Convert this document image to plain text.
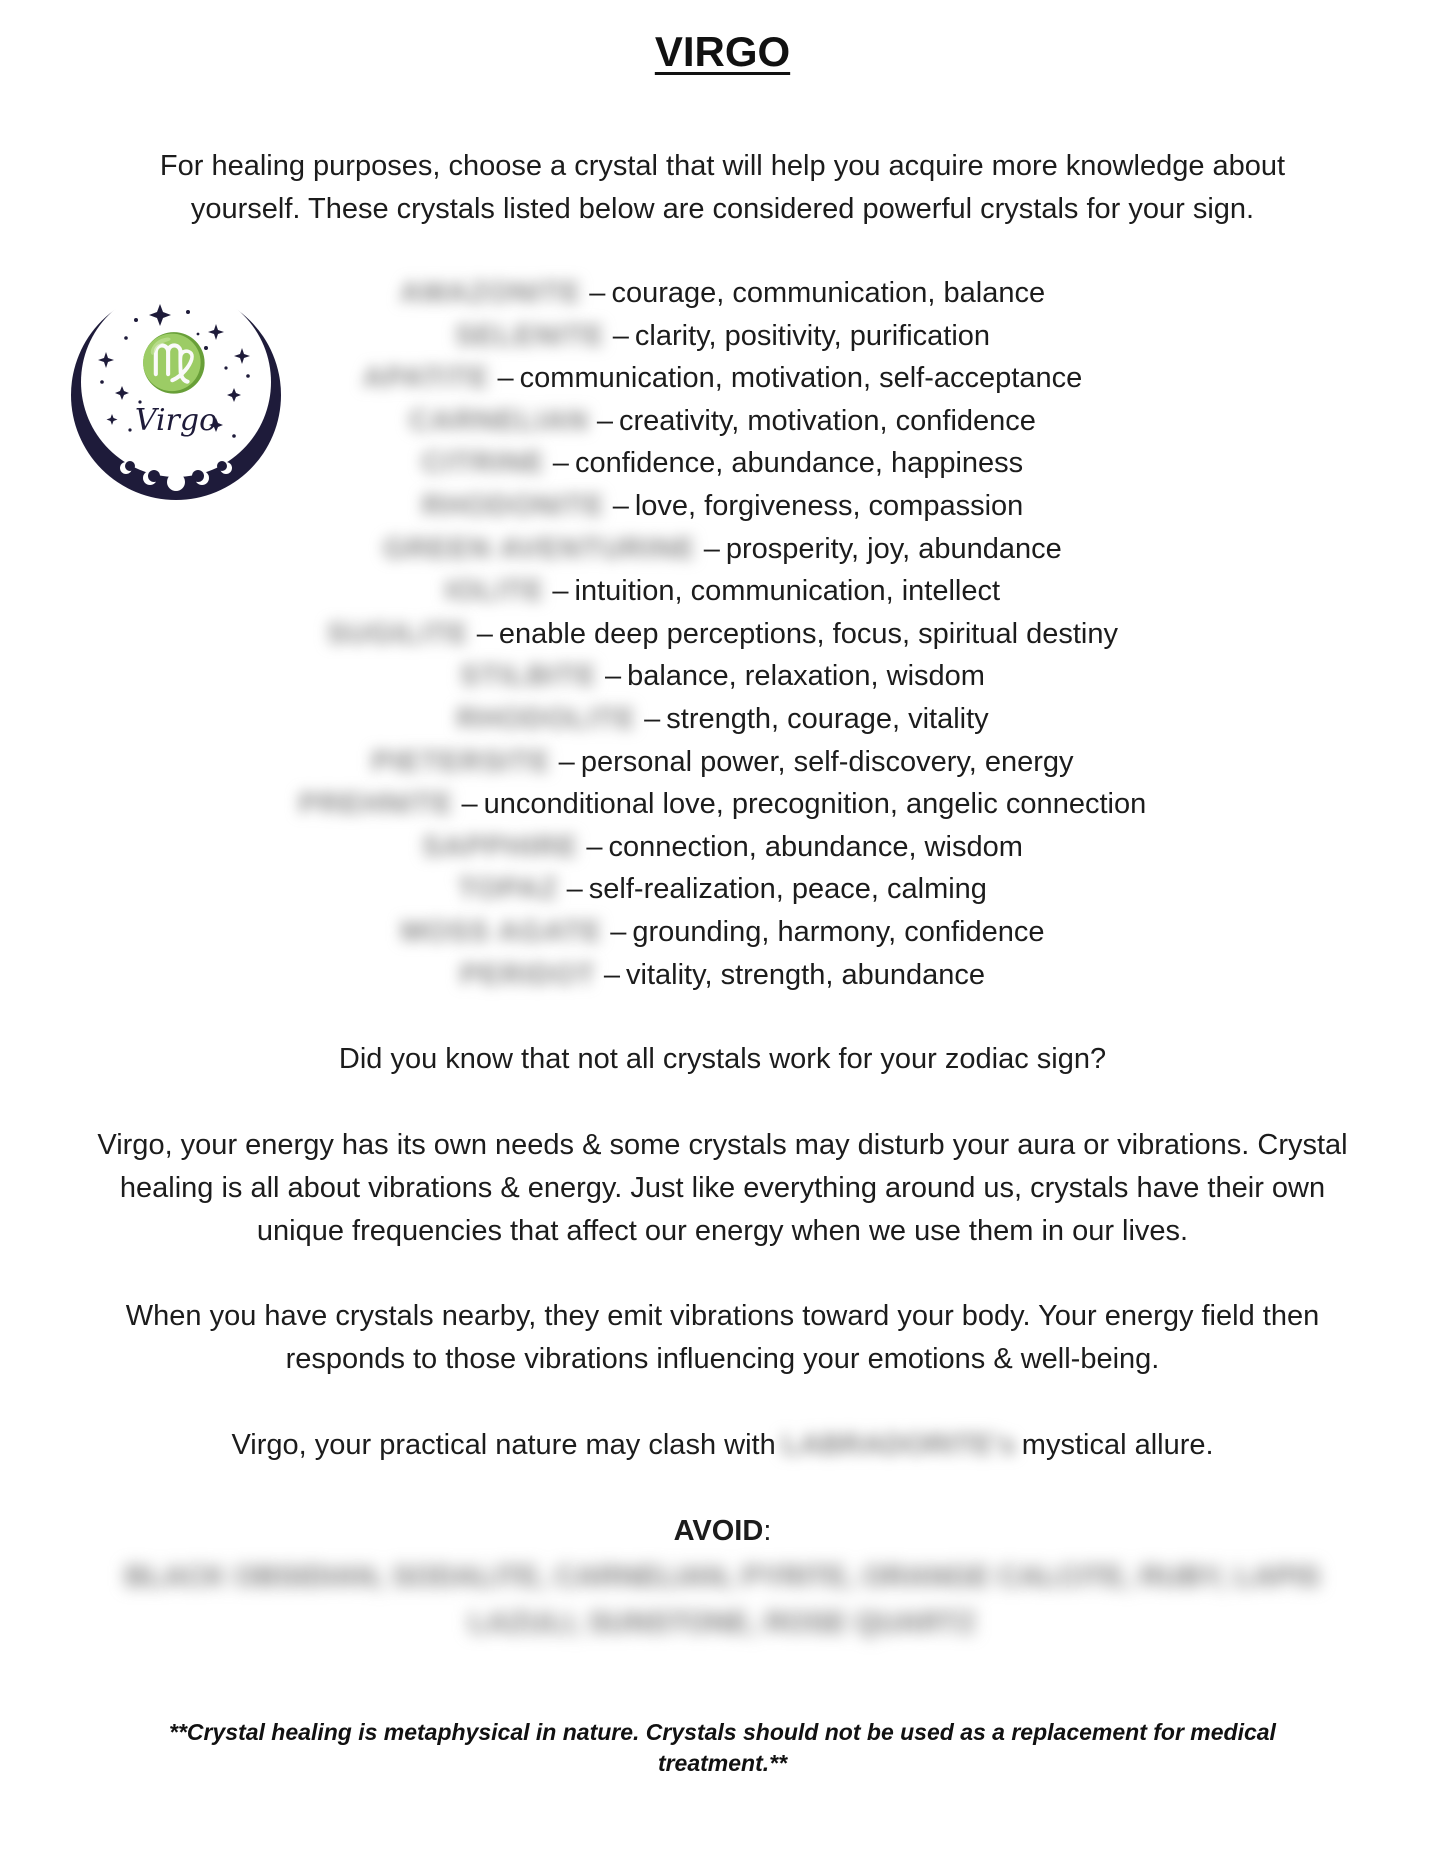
VIRGO
For healing purposes, choose a crystal that will help you acquire more knowledge about yourself. These crystals listed below are considered powerful crystals for your sign.
♍
Virgo
AMAZONITE – courage, communication, balance
SELENITE – clarity, positivity, purification
APATITE – communication, motivation, self-acceptance
CARNELIAN – creativity, motivation, confidence
CITRINE – confidence, abundance, happiness
RHODONITE – love, forgiveness, compassion
GREEN AVENTURINE – prosperity, joy, abundance
IOLITE – intuition, communication, intellect
SUGILITE – enable deep perceptions, focus, spiritual destiny
STILBITE – balance, relaxation, wisdom
RHODOLITE – strength, courage, vitality
PIETERSITE – personal power, self-discovery, energy
PREHNITE – unconditional love, precognition, angelic connection
SAPPHIRE – connection, abundance, wisdom
TOPAZ – self-realization, peace, calming
MOSS AGATE – grounding, harmony, confidence
PERIDOT – vitality, strength, abundance
Did you know that not all crystals work for your zodiac sign?
Virgo, your energy has its own needs & some crystals may disturb your aura or vibrations. Crystal healing is all about vibrations & energy. Just like everything around us, crystals have their own unique frequencies that affect our energy when we use them in our lives.
When you have crystals nearby, they emit vibrations toward your body. Your energy field then responds to those vibrations influencing your emotions & well-being.
Virgo, your practical nature may clash with LABRADORITE's mystical allure.
AVOID:
BLACK OBSIDIAN, SODALITE, CARNELIAN, PYRITE, ORANGE CALCITE, RUBY, LAPIS LAZULI, SUNSTONE, ROSE QUARTZ
**Crystal healing is metaphysical in nature. Crystals should not be used as a replacement for medical treatment.**
